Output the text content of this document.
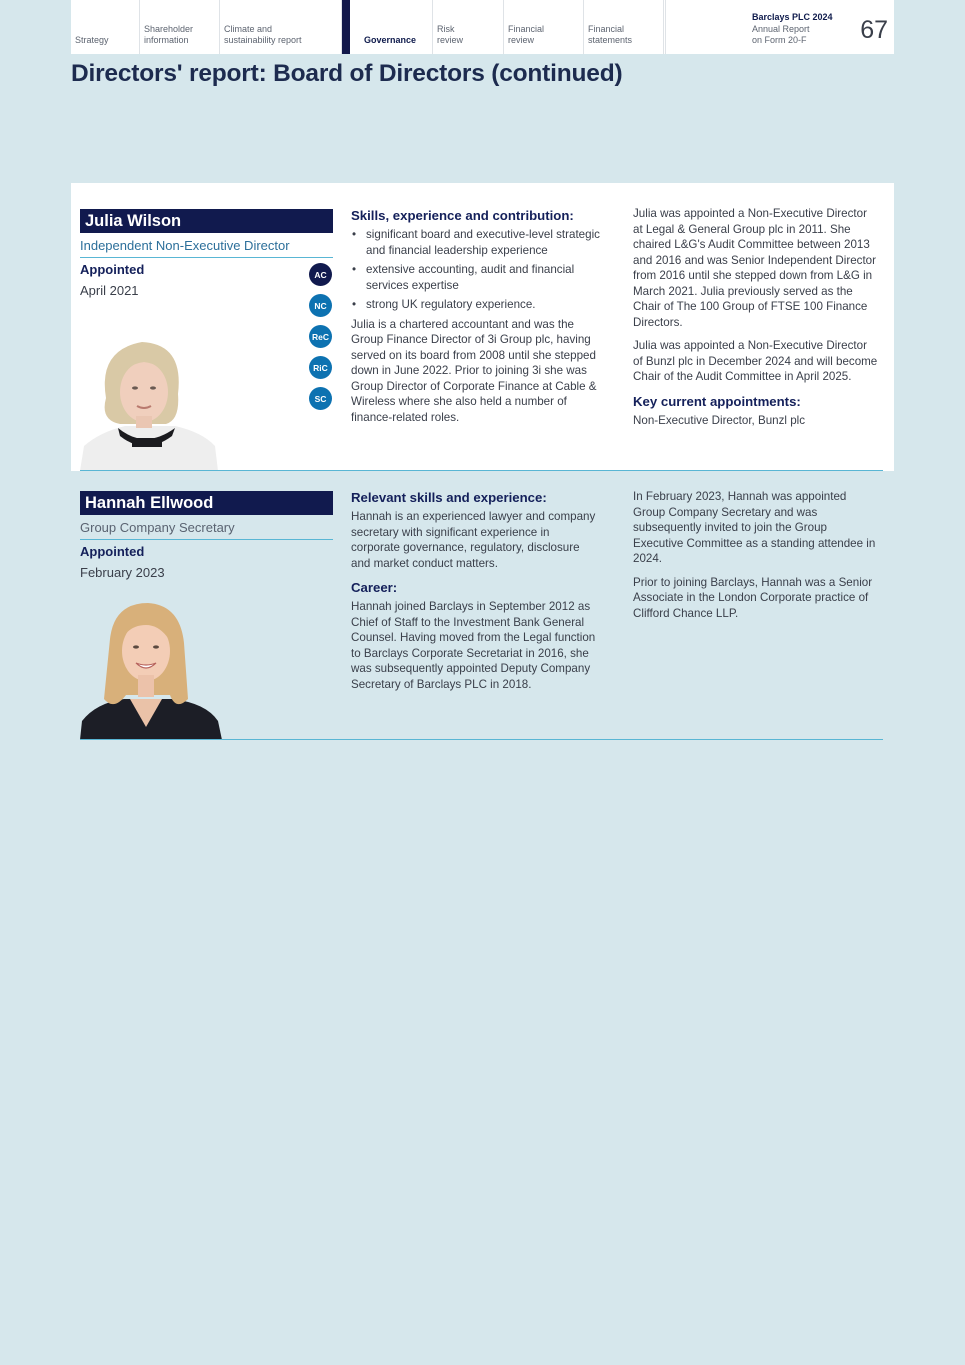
Strategy
Shareholder
information
Climate and
sustainability report	Governance
Risk
review
Financial
review
Financial
statements
Barclays PLC 2024
Annual Report
on Form 20-F	67
Directors' report: Board of Directors (continued)
Julia Wilson
Independent Non-Executive Director
Appointed
April 2021
AC
NC
ReC
RiC
SC
Skills, experience and contribution:
• significant board and executive-level strategic and financial leadership experience
• extensive accounting, audit and financial services expertise
• strong UK regulatory experience.

Julia is a chartered accountant and was the Group Finance Director of 3i Group plc, having served on its board from 2008 until she stepped down in June 2022. Prior to joining 3i she was Group Director of Corporate Finance at Cable & Wireless where she also held a number of finance-related roles.

Julia was appointed a Non-Executive Director at Legal & General Group plc in 2011. She chaired L&G's Audit Committee between 2013 and 2016 and was Senior Independent Director from 2016 until she stepped down from L&G in March 2021. Julia previously served as the Chair of The 100 Group of FTSE 100 Finance Directors.

Julia was appointed a Non-Executive Director of Bunzl plc in December 2024 and will become Chair of the Audit Committee in April 2025.

Key current appointments:
Non-Executive Director, Bunzl plc
Hannah Ellwood
Group Company Secretary
Appointed
February 2023
Relevant skills and experience:

Hannah is an experienced lawyer and company secretary with significant experience in corporate governance, regulatory, disclosure and market conduct matters.

Career:

Hannah joined Barclays in September 2012 as Chief of Staff to the Investment Bank General Counsel. Having moved from the Legal function to Barclays Corporate Secretariat in 2016, she was subsequently appointed Deputy Company Secretary of Barclays PLC in 2018.

In February 2023, Hannah was appointed Group Company Secretary and was subsequently invited to join the Group Executive Committee as a standing attendee in 2024.

Prior to joining Barclays, Hannah was a Senior Associate in the London Corporate practice of Clifford Chance LLP.
